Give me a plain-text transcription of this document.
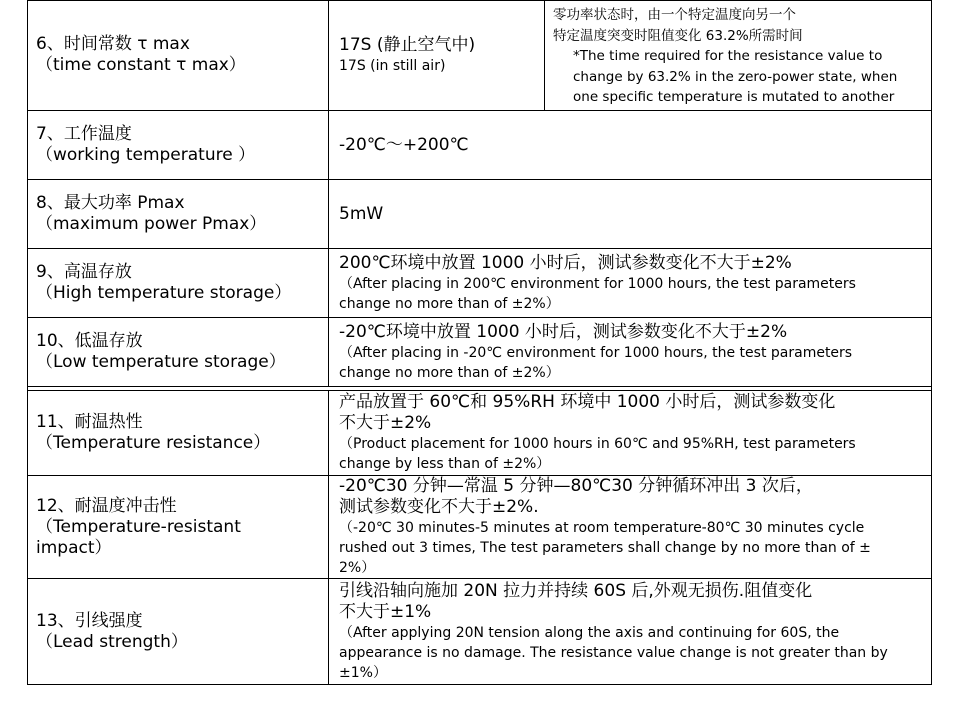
6、时间常数 τ max
（time constant τ max）
17S (静止空气中)
17S (in still air)
零功率状态时，由一个特定温度向另一个
特定温度突变时阻值变化 63.2%所需时间
*The time required for the resistance value to
change by 63.2% in the zero-power state, when
one specific temperature is mutated to another
7、工作温度
（working temperature ）
-20℃～+200℃
8、最大功率 Pmax
（maximum power Pmax）
5mW
9、高温存放
（High temperature storage）
200℃环境中放置 1000 小时后，测试参数变化不大于±2%
（After placing in 200℃ environment for 1000 hours, the test parameters
change no more than of ±2%）
10、低温存放
（Low temperature storage）
-20℃环境中放置 1000 小时后，测试参数变化不大于±2%
（After placing in -20℃ environment for 1000 hours, the test parameters
change no more than of ±2%）
11、耐温热性
（Temperature resistance）
产品放置于 60℃和 95%RH 环境中 1000 小时后，测试参数变化
不大于±2%
（Product placement for 1000 hours in 60℃ and 95%RH, test parameters
change by less than of ±2%）
12、耐温度冲击性
（Temperature-resistant
impact）
-20℃30 分钟—常温 5 分钟—80℃30 分钟循环冲出 3 次后，
测试参数变化不大于±2%.
（-20℃ 30 minutes-5 minutes at room temperature-80℃ 30 minutes cycle
rushed out 3 times, The test parameters shall change by no more than of ±
2%）
13、引线强度
（Lead strength）
引线沿轴向施加 20N 拉力并持续 60S 后,外观无损伤.阻值变化
不大于±1%
（After applying 20N tension along the axis and continuing for 60S, the
appearance is no damage. The resistance value change is not greater than by
±1%）
